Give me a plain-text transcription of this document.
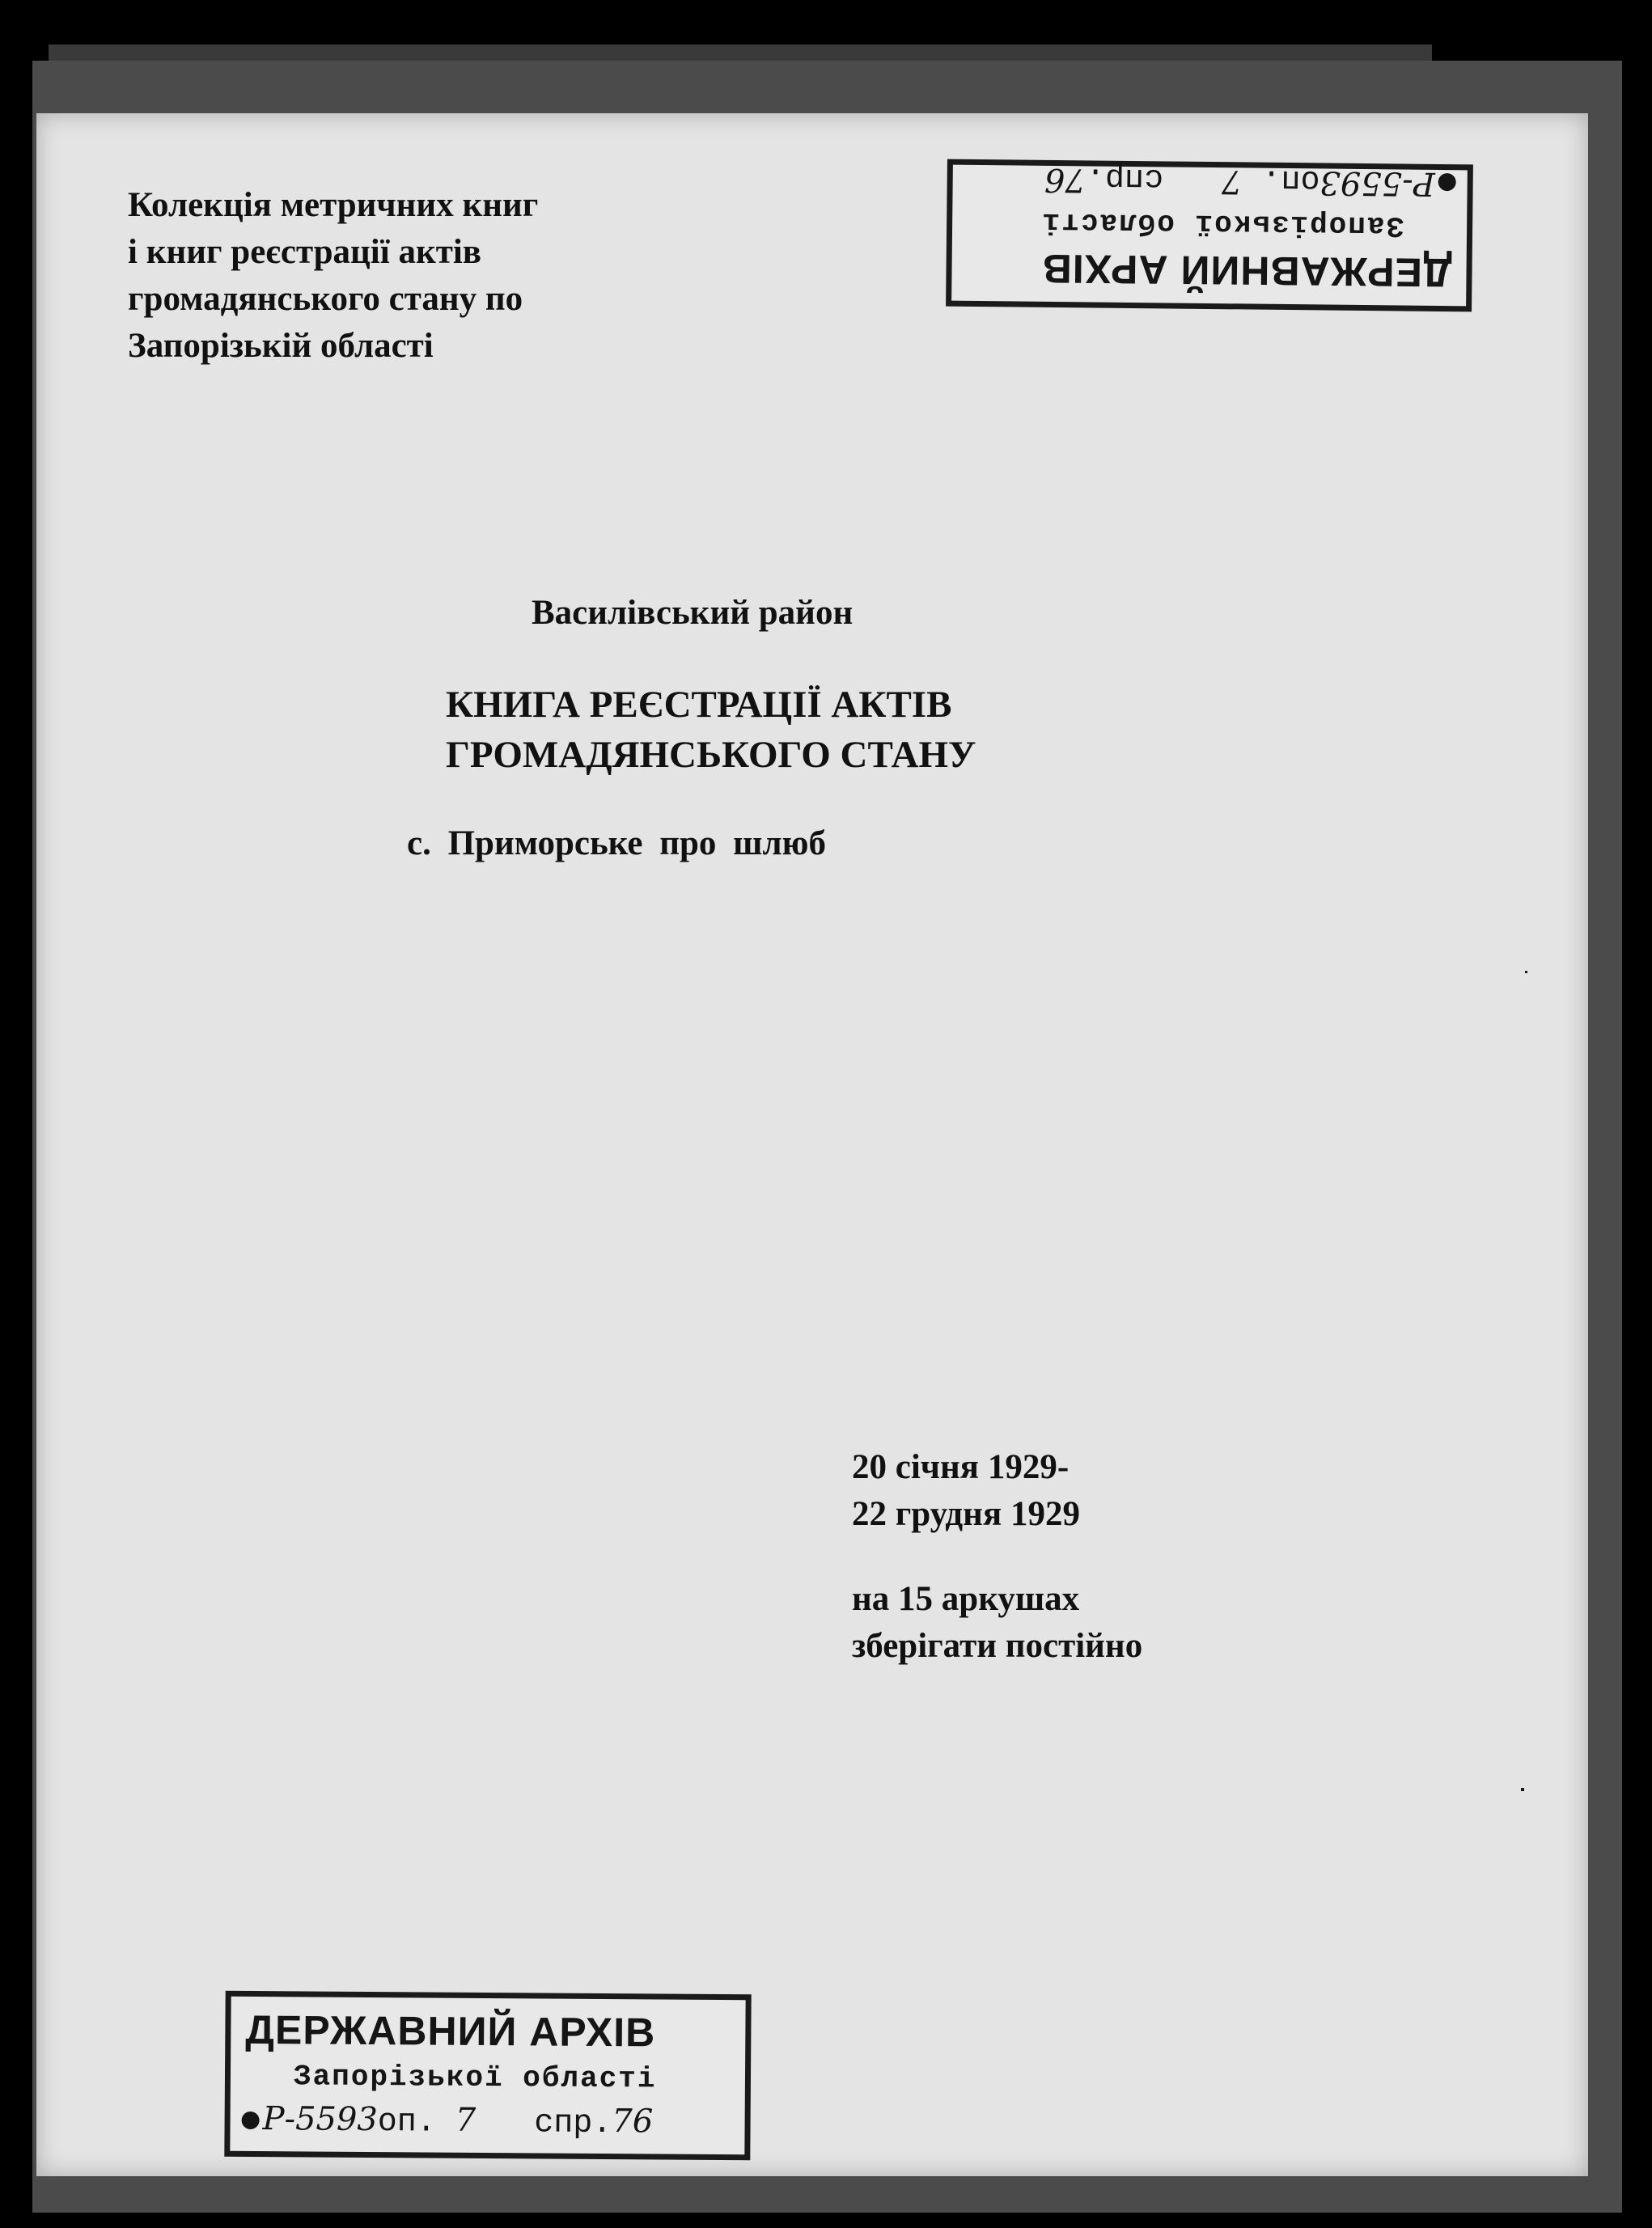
Колекція метричних книг
і книг реєстрації актів
громадянського стану по
Запорізькій області
ДЕРЖАВНИЙ АРХІВ
Запорізької області
Р-5593оп. 7   спр.76
Василівський район
КНИГА РЕЄСТРАЦІЇ АКТІВ
ГРОМАДЯНСЬКОГО СТАНУ
с. Приморське про шлюб
20 січня 1929-
22 грудня 1929
на 15 аркушах
зберігати постійно
ДЕРЖАВНИЙ АРХІВ
Запорізької області
Р-5593оп. 7 спр.76
